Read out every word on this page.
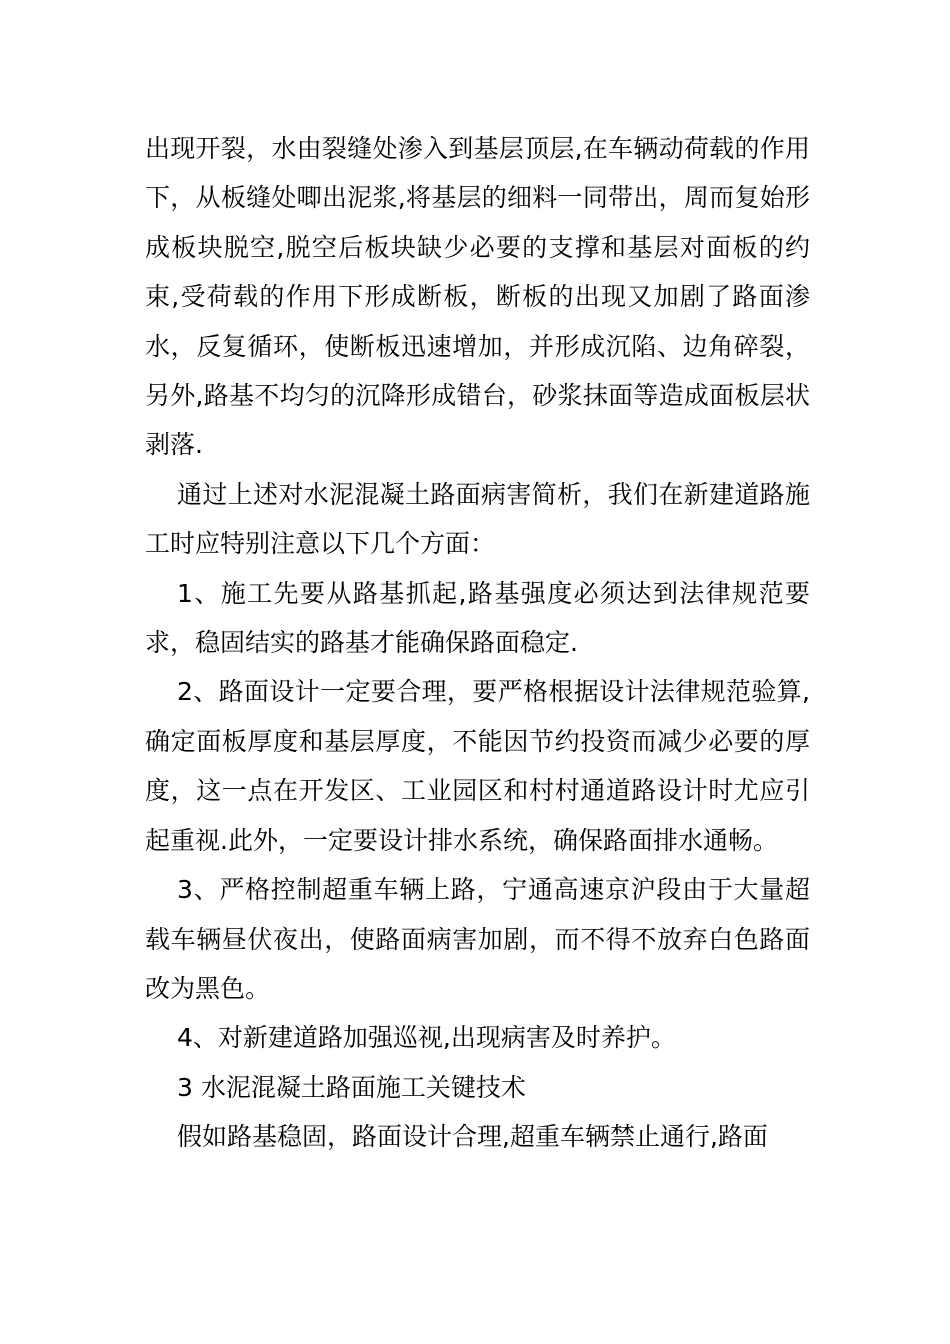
出现开裂，水由裂缝处渗入到基层顶层,在车辆动荷载的作用下，从板缝处唧出泥浆,将基层的细料一同带出，周而复始形成板块脱空,脱空后板块缺少必要的支撑和基层对面板的约束,受荷载的作用下形成断板，断板的出现又加剧了路面渗水，反复循环，使断板迅速增加，并形成沉陷、边角碎裂，另外,路基不均匀的沉降形成错台，砂浆抹面等造成面板层状剥落.

通过上述对水泥混凝土路面病害简析，我们在新建道路施工时应特别注意以下几个方面：

1、施工先要从路基抓起,路基强度必须达到法律规范要求，稳固结实的路基才能确保路面稳定.

2、路面设计一定要合理，要严格根据设计法律规范验算,确定面板厚度和基层厚度，不能因节约投资而减少必要的厚度，这一点在开发区、工业园区和村村通道路设计时尤应引起重视.此外，一定要设计排水系统，确保路面排水通畅。

3、严格控制超重车辆上路，宁通高速京沪段由于大量超载车辆昼伏夜出，使路面病害加剧，而不得不放弃白色路面改为黑色。

4、对新建道路加强巡视,出现病害及时养护。

3 水泥混凝土路面施工关键技术

假如路基稳固，路面设计合理,超重车辆禁止通行,路面
